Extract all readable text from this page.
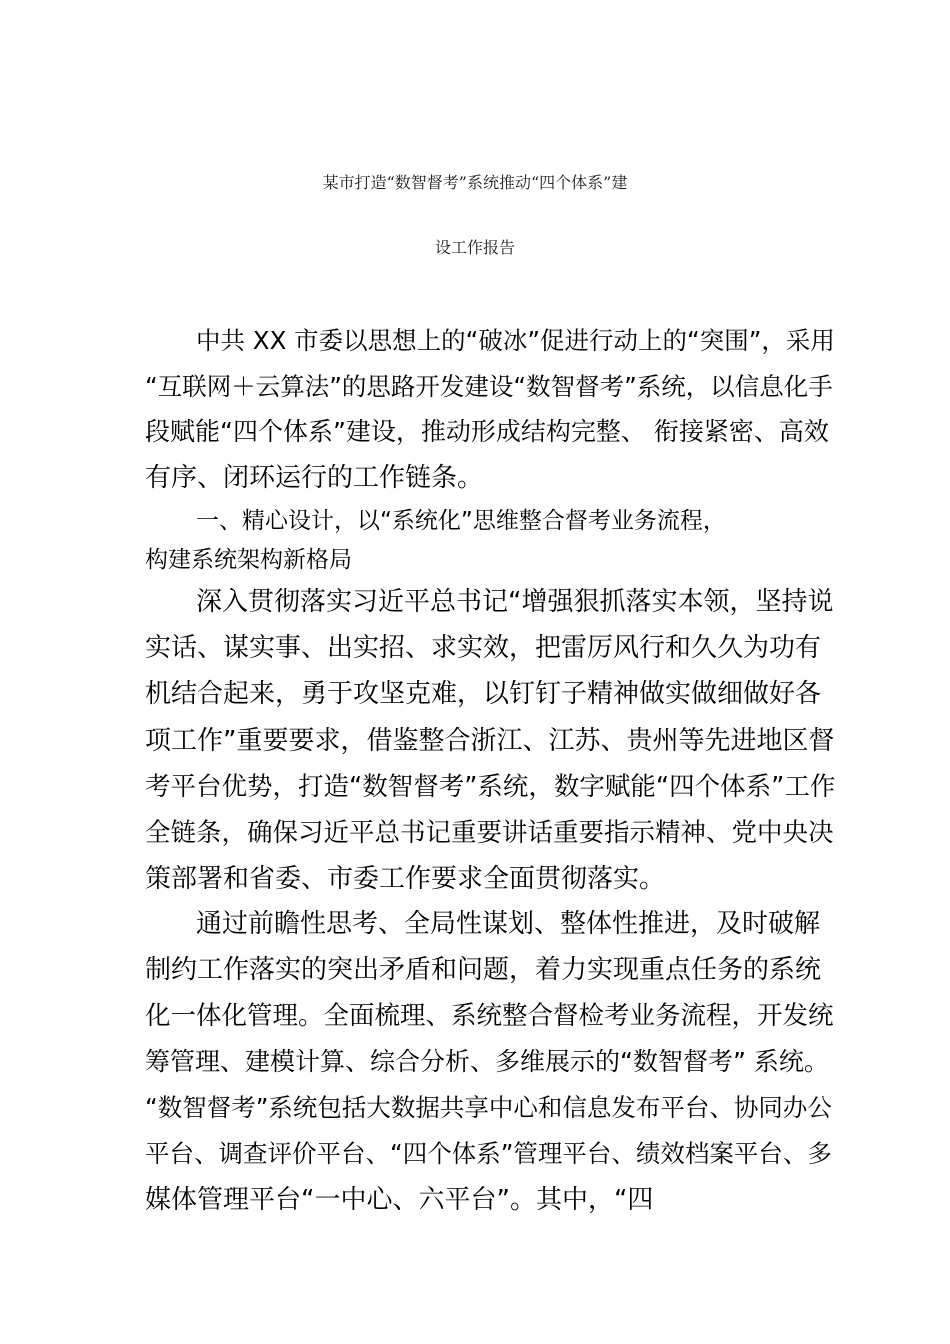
某市打造“数智督考”系统推动“四个体系”建
设工作报告
中共 XX 市委以思想上的“破冰”促进行动上的“突围”，采用
“互联网＋云算法”的思路开发建设“数智督考”系统，以信息化手
段赋能“四个体系”建设，推动形成结构完整、 衔接紧密、高效
有序、闭环运行的工作链条。
一、精心设计，以“系统化”思维整合督考业务流程，
构建系统架构新格局
深入贯彻落实习近平总书记“增强狠抓落实本领，坚持说
实话、谋实事、出实招、求实效，把雷厉风行和久久为功有
机结合起来，勇于攻坚克难，以钉钉子精神做实做细做好各
项工作”重要要求，借鉴整合浙江、江苏、贵州等先进地区督
考平台优势，打造“数智督考”系统，数字赋能“四个体系”工作
全链条，确保习近平总书记重要讲话重要指示精神、党中央决
策部署和省委、市委工作要求全面贯彻落实。
通过前瞻性思考、全局性谋划、整体性推进，及时破解
制约工作落实的突出矛盾和问题，着力实现重点任务的系统
化一体化管理。全面梳理、系统整合督检考业务流程，开发统
筹管理、建模计算、综合分析、多维展示的“数智督考” 系统。
“数智督考”系统包括大数据共享中心和信息发布平台、协同办公
平台、调查评价平台、“四个体系”管理平台、绩效档案平台、多
媒体管理平台“一中心、六平台”。其中，“四
